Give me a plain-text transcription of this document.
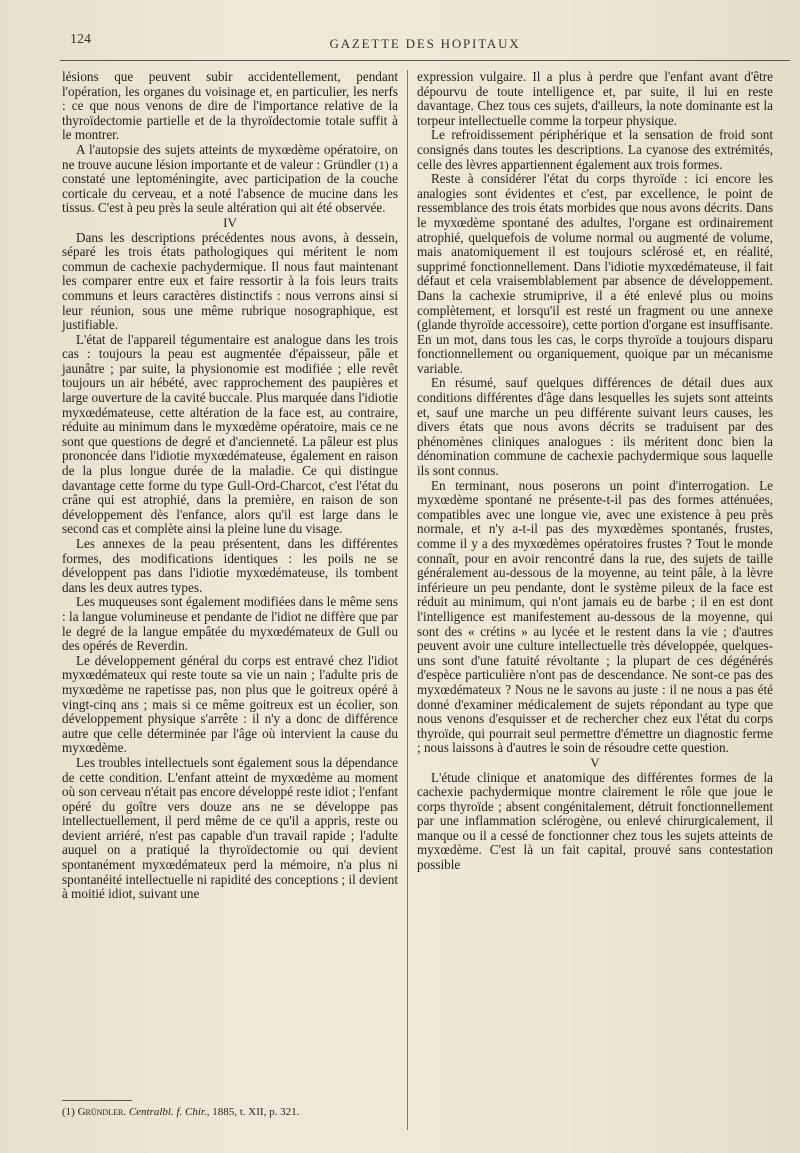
124	GAZETTE DES HOPITAUX

lésions que peuvent subir accidentellement, pendant l'opération, les organes du voisinage et, en particulier, les nerfs : ce que nous venons de dire de l'importance relative de la thyroïdectomie partielle et de la thyroïdectomie totale suffit à le montrer.

A l'autopsie des sujets atteints de myxœdème opératoire, on ne trouve aucune lésion importante et de valeur : Gründler (1) a constaté une leptoméningite, avec participation de la couche corticale du cerveau, et a noté l'absence de mucine dans les tissus. C'est à peu près la seule altération qui ait été observée.

IV

Dans les descriptions précédentes nous avons, à dessein, séparé les trois états pathologiques qui méritent le nom commun de cachexie pachydermique. Il nous faut maintenant les comparer entre eux et faire ressortir à la fois leurs traits communs et leurs caractères distinctifs : nous verrons ainsi si leur réunion, sous une même rubrique nosographique, est justifiable.

L'état de l'appareil tégumentaire est analogue dans les trois cas : toujours la peau est augmentée d'épaisseur, pâle et jaunâtre ; par suite, la physionomie est modifiée ; elle revêt toujours un air hébété, avec rapprochement des paupières et large ouverture de la cavité buccale. Plus marquée dans l'idiotie myxœdémateuse, cette altération de la face est, au contraire, réduite au minimum dans le myxœdème opératoire, mais ce ne sont que questions de degré et d'ancienneté. La pâleur est plus prononcée dans l'idiotie myxœdémateuse, également en raison de la plus longue durée de la maladie. Ce qui distingue davantage cette forme du type Gull-Ord-Charcot, c'est l'état du crâne qui est atrophié, dans la première, en raison de son développement dès l'enfance, alors qu'il est large dans le second cas et complète ainsi la pleine lune du visage.

Les annexes de la peau présentent, dans les différentes formes, des modifications identiques : les poils ne se développent pas dans l'idiotie myxœdémateuse, ils tombent dans les deux autres types.

Les muqueuses sont également modifiées dans le même sens : la langue volumineuse et pendante de l'idiot ne diffère que par le degré de la langue empâtée du myxœdémateux de Gull ou des opérés de Reverdin.

Le développement général du corps est entravé chez l'idiot myxœdémateux qui reste toute sa vie un nain ; l'adulte pris de myxœdème ne rapetisse pas, non plus que le goitreux opéré à vingt-cinq ans ; mais si ce même goitreux est un écolier, son développement physique s'arrête : il n'y a donc de différence autre que celle déterminée par l'âge où intervient la cause du myxœdème.

Les troubles intellectuels sont également sous la dépendance de cette condition. L'enfant atteint de myxœdème au moment où son cerveau n'était pas encore développé reste idiot ; l'enfant opéré du goître vers douze ans ne se développe pas intellectuellement, il perd même de ce qu'il a appris, reste ou devient arriéré, n'est pas capable d'un travail rapide ; l'adulte auquel on a pratiqué la thyroïdectomie ou qui devient spontanément myxœdémateux perd la mémoire, n'a plus ni spontanéité intellectuelle ni rapidité des conceptions ; il devient à moitié idiot, suivant une

expression vulgaire. Il a plus à perdre que l'enfant avant d'être dépourvu de toute intelligence et, par suite, il lui en reste davantage. Chez tous ces sujets, d'ailleurs, la note dominante est la torpeur intellectuelle comme la torpeur physique.

Le refroidissement périphérique et la sensation de froid sont consignés dans toutes les descriptions. La cyanose des extrémités, celle des lèvres appartiennent également aux trois formes.

Reste à considérer l'état du corps thyroïde : ici encore les analogies sont évidentes et c'est, par excellence, le point de ressemblance des trois états morbides que nous avons décrits. Dans le myxœdème spontané des adultes, l'organe est ordinairement atrophié, quelquefois de volume normal ou augmenté de volume, mais anatomiquement il est toujours sclérosé et, en réalité, supprimé fonctionnellement. Dans l'idiotie myxœdémateuse, il fait défaut et cela vraisemblablement par absence de développement. Dans la cachexie strumiprive, il a été enlevé plus ou moins complètement, et lorsqu'il est resté un fragment ou une annexe (glande thyroïde accessoire), cette portion d'organe est insuffisante. En un mot, dans tous les cas, le corps thyroïde a toujours disparu fonctionnellement ou organiquement, quoique par un mécanisme variable.

En résumé, sauf quelques différences de détail dues aux conditions différentes d'âge dans lesquelles les sujets sont atteints et, sauf une marche un peu différente suivant leurs causes, les divers états que nous avons décrits se traduisent par des phénomènes cliniques analogues : ils méritent donc bien la dénomination commune de cachexie pachydermique sous laquelle ils sont connus.

En terminant, nous poserons un point d'interrogation. Le myxœdème spontané ne présente-t-il pas des formes atténuées, compatibles avec une longue vie, avec une existence à peu près normale, et n'y a-t-il pas des myxœdèmes spontanés, frustes, comme il y a des myxœdèmes opératoires frustes ? Tout le monde connaît, pour en avoir rencontré dans la rue, des sujets de taille généralement au-dessous de la moyenne, au teint pâle, à la lèvre inférieure un peu pendante, dont le système pileux de la face est réduit au minimum, qui n'ont jamais eu de barbe ; il en est dont l'intelligence est manifestement au-dessous de la moyenne, qui sont des « crétins » au lycée et le restent dans la vie ; d'autres peuvent avoir une culture intellectuelle très développée, quelques-uns sont d'une fatuité révoltante ; la plupart de ces dégénérés d'espèce particulière n'ont pas de descendance. Ne sont-ce pas des myxœdémateux ? Nous ne le savons au juste : il ne nous a pas été donné d'examiner médicalement de sujets répondant au type que nous venons d'esquisser et de rechercher chez eux l'état du corps thyroïde, qui pourrait seul permettre d'émettre un diagnostic ferme ; nous laissons à d'autres le soin de résoudre cette question.

V

L'étude clinique et anatomique des différentes formes de la cachexie pachydermique montre clairement le rôle que joue le corps thyroïde ; absent congénitalement, détruit fonctionnellement par une inflammation sclérogène, ou enlevé chirurgicalement, il manque ou il a cessé de fonctionner chez tous les sujets atteints de myxœdème. C'est là un fait capital, prouvé sans contestation possible

(1) Gründler. Centralbl. f. Chir., 1885, t. XII, p. 321.
